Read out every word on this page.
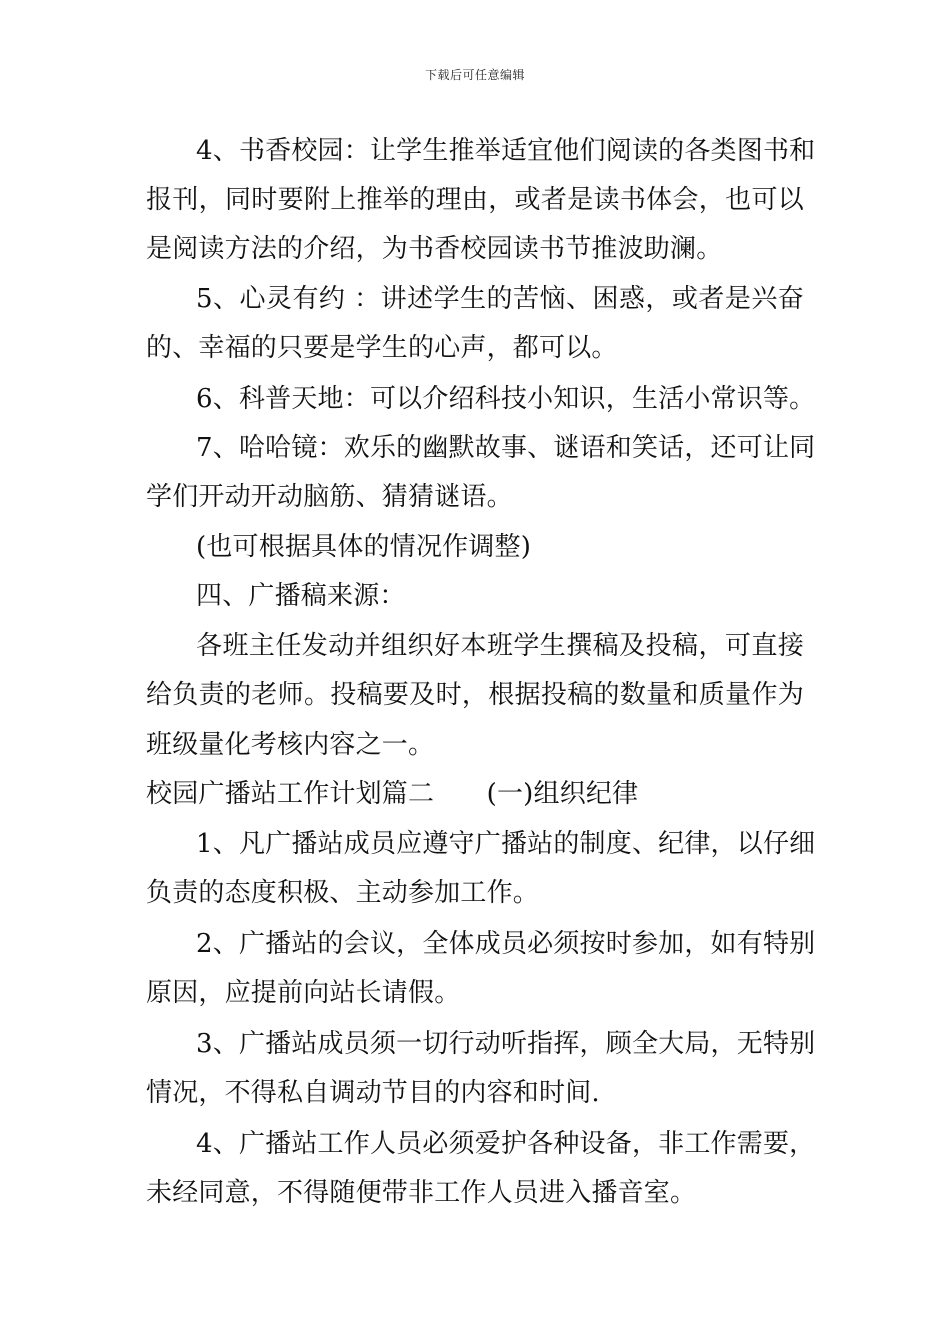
下载后可任意编辑
4、书香校园：让学生推举适宜他们阅读的各类图书和
报刊，同时要附上推举的理由，或者是读书体会，也可以
是阅读方法的介绍，为书香校园读书节推波助澜。
5、心灵有约 ：讲述学生的苦恼、困惑，或者是兴奋
的、幸福的只要是学生的心声，都可以。
6、科普天地：可以介绍科技小知识，生活小常识等。
7、哈哈镜：欢乐的幽默故事、谜语和笑话，还可让同
学们开动开动脑筋、猜猜谜语。
(也可根据具体的情况作调整)
四、广播稿来源：
各班主任发动并组织好本班学生撰稿及投稿，可直接
给负责的老师。投稿要及时，根据投稿的数量和质量作为
班级量化考核内容之一。
校园广播站工作计划篇二　　(一)组织纪律
1、凡广播站成员应遵守广播站的制度、纪律，以仔细
负责的态度积极、主动参加工作。
2、广播站的会议，全体成员必须按时参加，如有特别
原因，应提前向站长请假。
3、广播站成员须一切行动听指挥，顾全大局，无特别
情况，不得私自调动节目的内容和时间.
4、广播站工作人员必须爱护各种设备，非工作需要，
未经同意，不得随便带非工作人员进入播音室。
